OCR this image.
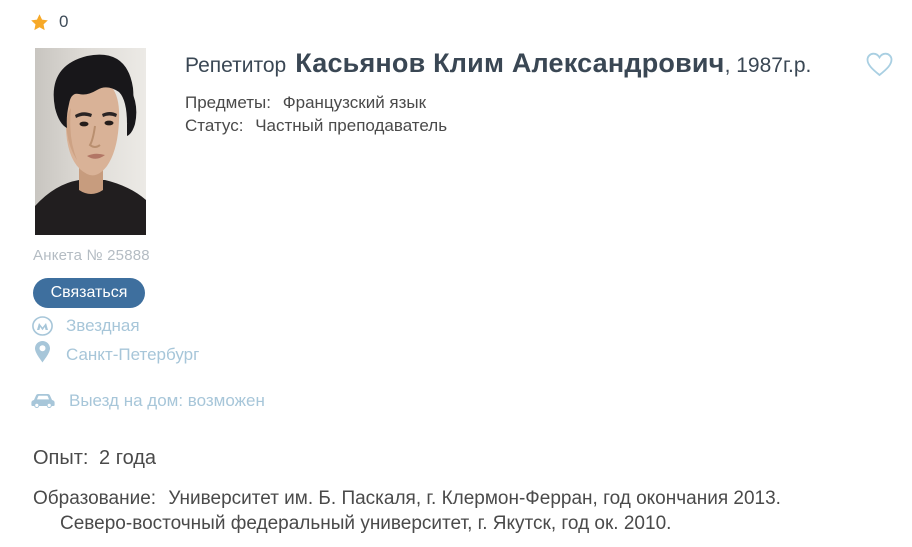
0
Анкета № 25888
Связаться
Звездная
Санкт-Петербург
Выезд на дом: возможен
Репетитор Касьянов Клим Александрович , 1987г.р.
Предметы: Французский язык
Статус: Частный преподаватель
Опыт: 2 года
Образование: Университет им. Б. Паскаля, г. Клермон-Ферран, год окончания 2013.
Северо-восточный федеральный университет, г. Якутск, год ок. 2010.
